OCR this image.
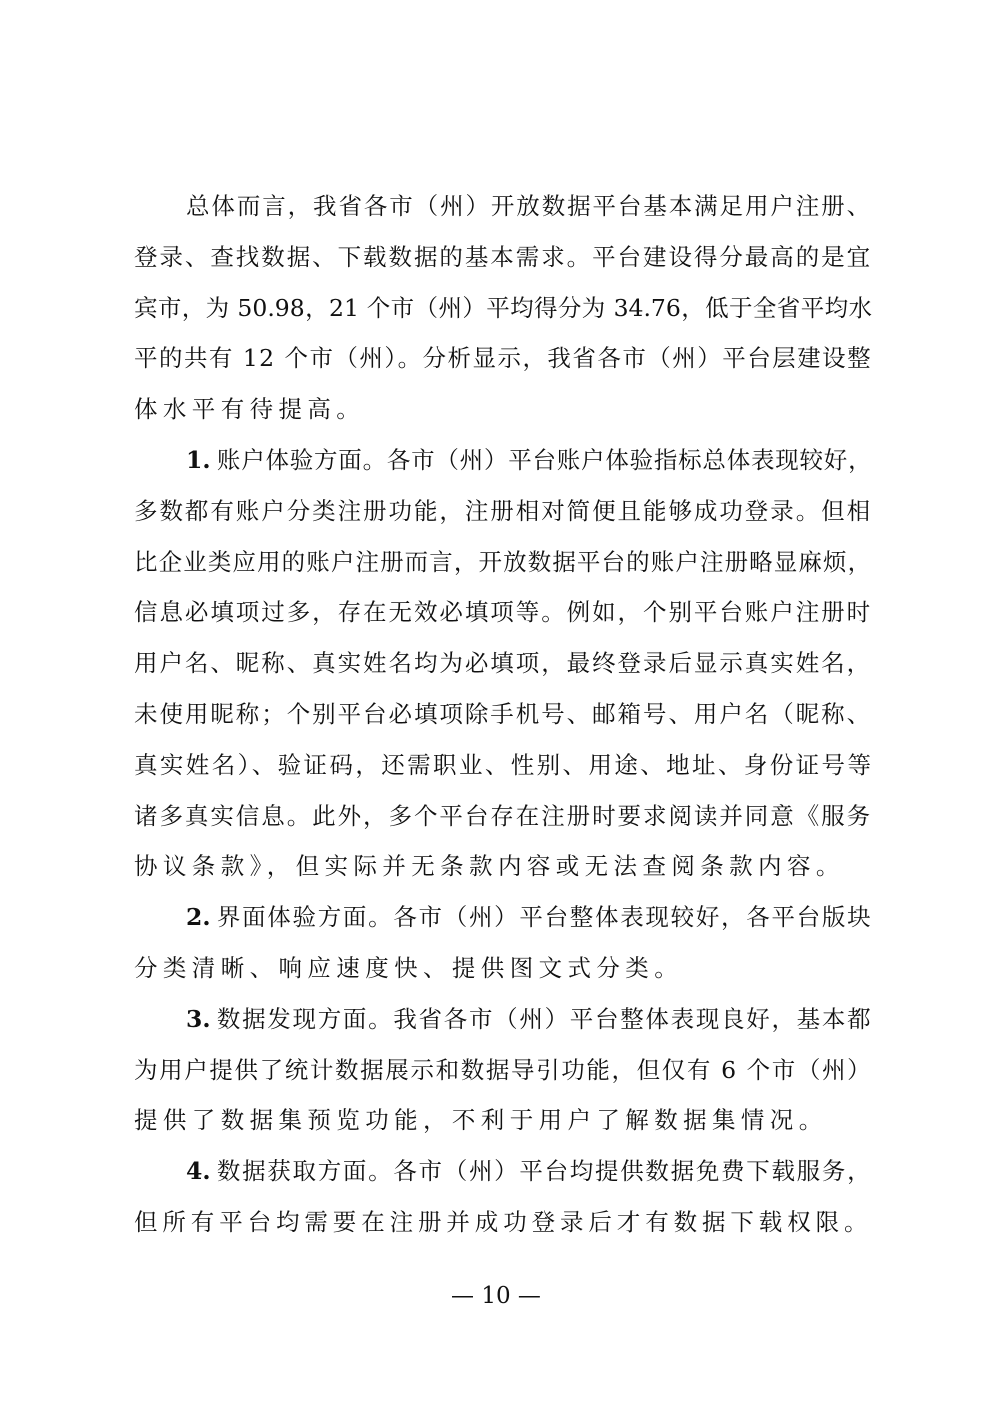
总体而言，我省各市（州）开放数据平台基本满足用户注册、
登录、查找数据、下载数据的基本需求。平台建设得分最高的是宜
宾市，为 50.98，21 个市（州）平均得分为 34.76，低于全省平均水
平的共有 12 个市（州）。分析显示，我省各市（州）平台层建设整
体水平有待提高。
1. 账户体验方面。各市（州）平台账户体验指标总体表现较好，
多数都有账户分类注册功能，注册相对简便且能够成功登录。但相
比企业类应用的账户注册而言，开放数据平台的账户注册略显麻烦，
信息必填项过多，存在无效必填项等。例如，个别平台账户注册时
用户名、昵称、真实姓名均为必填项，最终登录后显示真实姓名，
未使用昵称；个别平台必填项除手机号、邮箱号、用户名（昵称、
真实姓名）、验证码，还需职业、性别、用途、地址、身份证号等
诸多真实信息。此外，多个平台存在注册时要求阅读并同意《服务
协议条款》，但实际并无条款内容或无法查阅条款内容。
2. 界面体验方面。各市（州）平台整体表现较好，各平台版块
分类清晰、响应速度快、提供图文式分类。
3. 数据发现方面。我省各市（州）平台整体表现良好，基本都
为用户提供了统计数据展示和数据导引功能，但仅有 6 个市（州）
提供了数据集预览功能，不利于用户了解数据集情况。
4. 数据获取方面。各市（州）平台均提供数据免费下载服务，
但所有平台均需要在注册并成功登录后才有数据下载权限。
— 10 —
